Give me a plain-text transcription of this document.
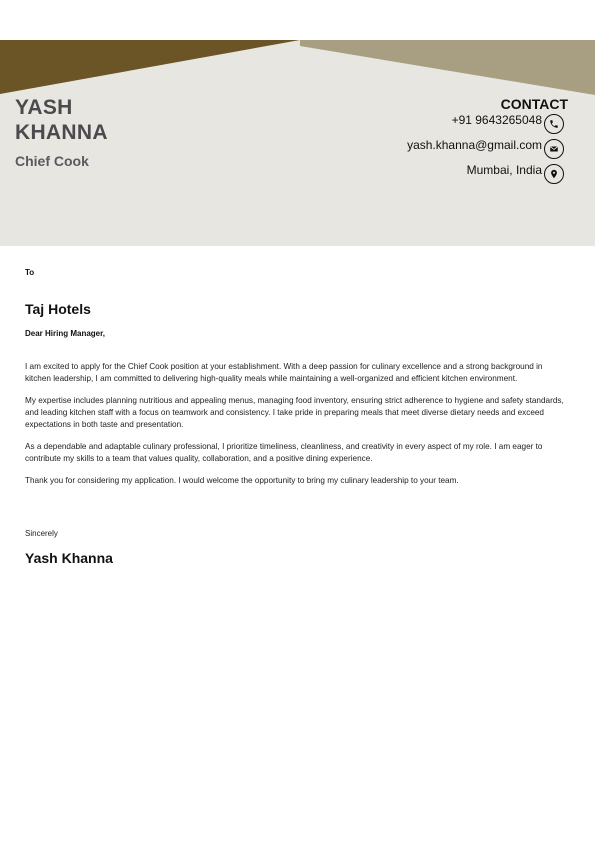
YASH
KHANNA
Chief Cook
CONTACT
+91 9643265048
yash.khanna@gmail.com
Mumbai, India

To

Taj Hotels

Dear Hiring Manager,

I am excited to apply for the Chief Cook position at your establishment. With a deep passion for culinary excellence and a strong background in kitchen leadership, I am committed to delivering high-quality meals while maintaining a well-organized and efficient kitchen environment.

My expertise includes planning nutritious and appealing menus, managing food inventory, ensuring strict adherence to hygiene and safety standards, and leading kitchen staff with a focus on teamwork and consistency. I take pride in preparing meals that meet diverse dietary needs and exceed expectations in both taste and presentation.

As a dependable and adaptable culinary professional, I prioritize timeliness, cleanliness, and creativity in every aspect of my role. I am eager to contribute my skills to a team that values quality, collaboration, and a positive dining experience.

Thank you for considering my application. I would welcome the opportunity to bring my culinary leadership to your team.

Sincerely

Yash Khanna
